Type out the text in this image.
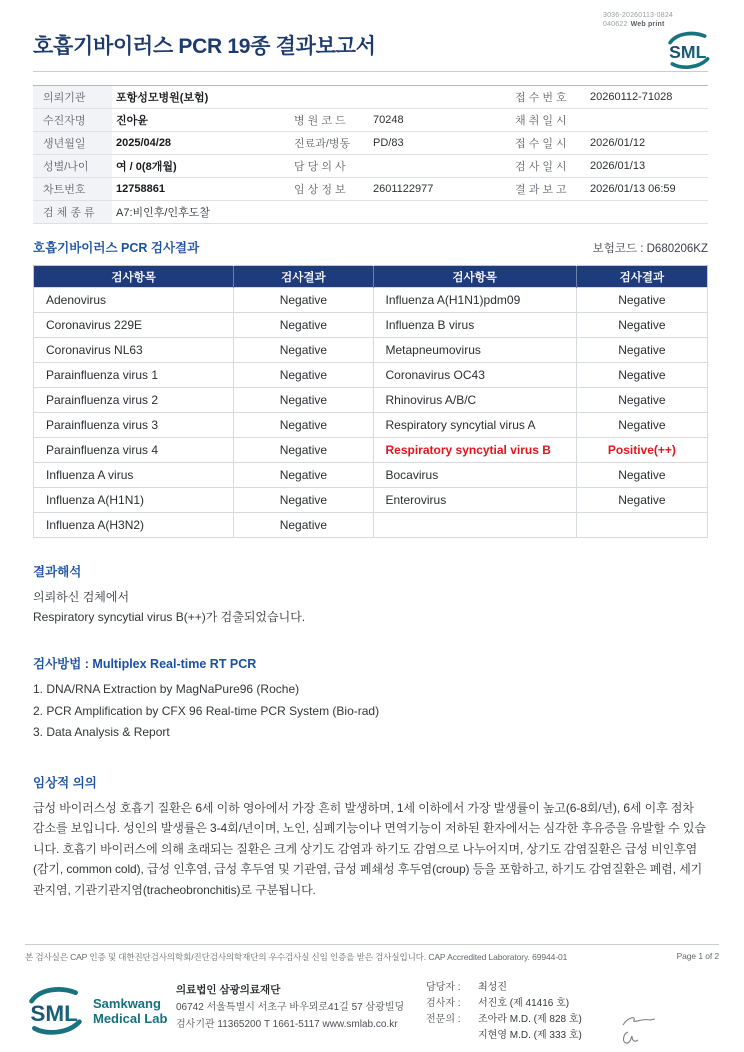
3036-20260113-0824
040622 Web print
SML
호흡기바이러스 PCR 19종 결과보고서
의뢰기관	포항성모병원(보험)			접 수 번 호	20260112-71028
수진자명	진아윤	병 원 코 드	70248	채 취 일 시	
생년월일	2025/04/28	진료과/병동	PD/83	접 수 일 시	2026/01/12
성별/나이	여 / 0(8개월)	담 당 의 사		검 사 일 시	2026/01/13
차트번호	12758861	임 상 정 보	2601122977	결 과 보 고	2026/01/13 06:59
검 체 종 류	A7:비인후/인후도찰				
호흡기바이러스 PCR 검사결과	보험코드 : D680206KZ
검사항목	검사결과	검사항목	검사결과
Adenovirus	Negative	Influenza A(H1N1)pdm09	Negative
Coronavirus 229E	Negative	Influenza B virus	Negative
Coronavirus NL63	Negative	Metapneumovirus	Negative
Parainfluenza virus 1	Negative	Coronavirus OC43	Negative
Parainfluenza virus 2	Negative	Rhinovirus A/B/C	Negative
Parainfluenza virus 3	Negative	Respiratory syncytial virus A	Negative
Parainfluenza virus 4	Negative	Respiratory syncytial virus B	Positive(++)
Influenza A virus	Negative	Bocavirus	Negative
Influenza A(H1N1)	Negative	Enterovirus	Negative
Influenza A(H3N2)	Negative		
결과해석
의뢰하신 검체에서
Respiratory syncytial virus B(++)가 검출되었습니다.
검사방법 : Multiplex Real-time RT PCR
1. DNA/RNA Extraction by MagNaPure96 (Roche)
2. PCR Amplification by CFX 96 Real-time PCR System (Bio-rad)
3. Data Analysis & Report
임상적 의의
급성 바이러스성 호흡기 질환은 6세 이하 영아에서 가장 흔히 발생하며, 1세 이하에서 가장 발생률이 높고(6-8회/년), 6세 이후 점차 감소를 보입니다. 성인의 발생률은 3-4회/년이며, 노인, 심폐기능이나 면역기능이 저하된 환자에서는 심각한 후유증을 유발할 수 있습니다. 호흡기 바이러스에 의해 초래되는 질환은 크게 상기도 감염과 하기도 감염으로 나누어지며, 상기도 감염질환은 급성 비인후염(감기, common cold), 급성 인후염, 급성 후두염 및 기관염, 급성 폐쇄성 후두염(croup) 등을 포함하고, 하기도 감염질환은 폐렴, 세기관지염, 기관기관지염(tracheobronchitis)로 구분됩니다.
본 검사실은 CAP 인증 및 대한진단검사의학회/진단검사의학재단의 우수검사실 신임 인증을 받은 검사실입니다. CAP Accredited Laboratory. 69944-01	Page 1 of 2
SML Samkwang
Medical Lab
의료법인 삼광의료재단
06742 서울특별시 서초구 바우뫼로41길 57 삼광빌딩
검사기관 11365200 T 1661-5117 www.smlab.co.kr
담당자 :	최성진
검사자 :	서진호 (제 41416 호)
전문의 :	조아라 M.D. (제 828 호)
지현영 M.D. (제 333 호)
